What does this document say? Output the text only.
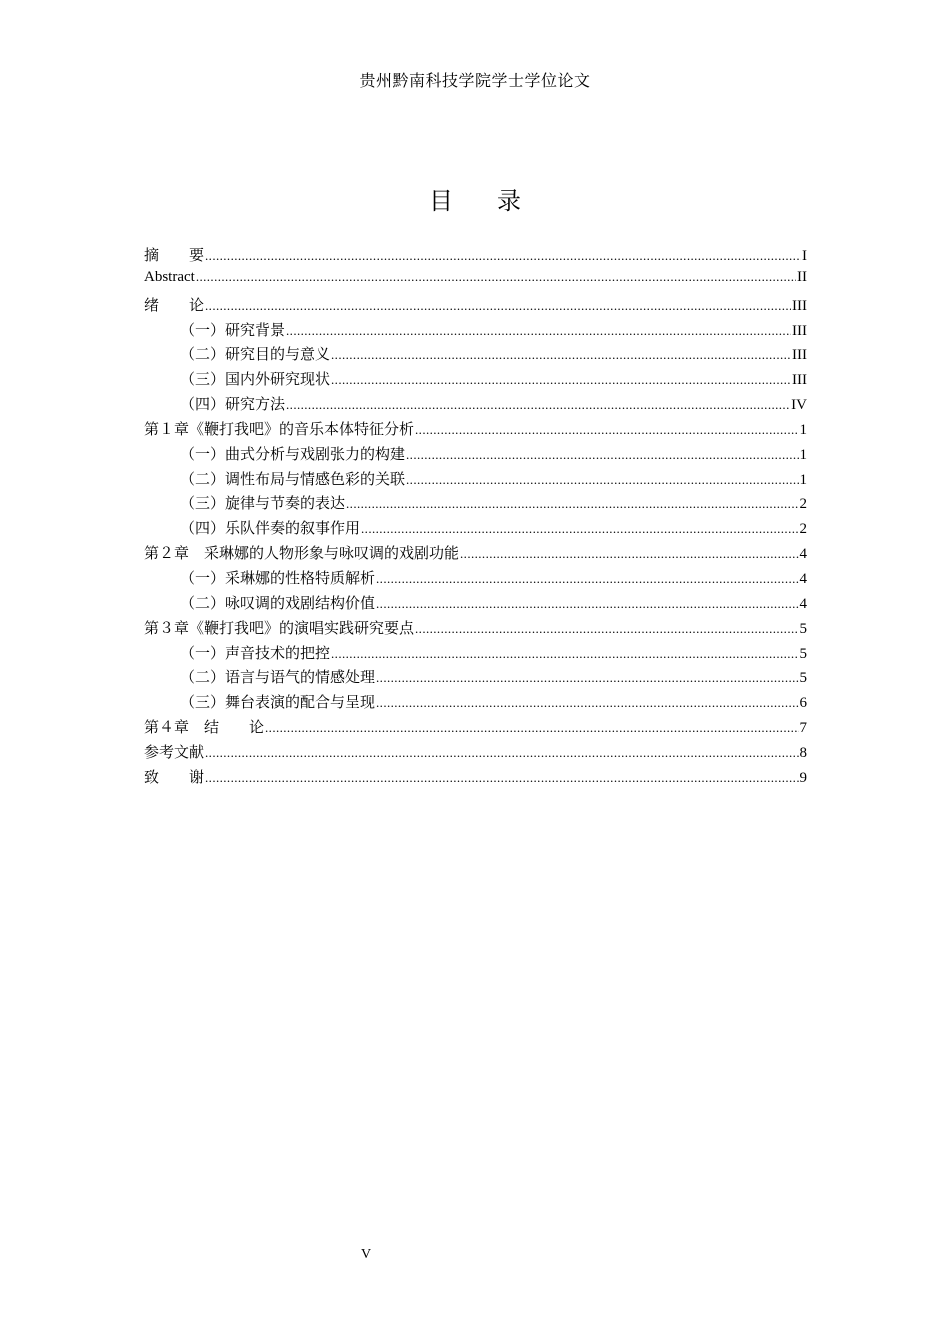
贵州黔南科技学院学士学位论文
目 录
摘　　要 .....	I
Abstract .....	II
绪　　论 .....	III
（一）研究背景 .....	III
（二）研究目的与意义 .....	III
（三）国内外研究现状 .....	III
（四）研究方法 .....	IV
第１章《鞭打我吧》的音乐本体特征分析 .....	1
（一）曲式分析与戏剧张力的构建 .....	1
（二）调性布局与情感色彩的关联 .....	1
（三）旋律与节奏的表达 .....	2
（四）乐队伴奏的叙事作用 .....	2
第２章　采琳娜的人物形象与咏叹调的戏剧功能 .....	4
（一）采琳娜的性格特质解析 .....	4
（二）咏叹调的戏剧结构价值 .....	4
第３章《鞭打我吧》的演唱实践研究要点 .....	5
（一）声音技术的把控 .....	5
（二）语言与语气的情感处理 .....	5
（三）舞台表演的配合与呈现 .....	6
第４章　结　　论 .....	7
参考文献 .....	8
致　　谢 .....	9
V
